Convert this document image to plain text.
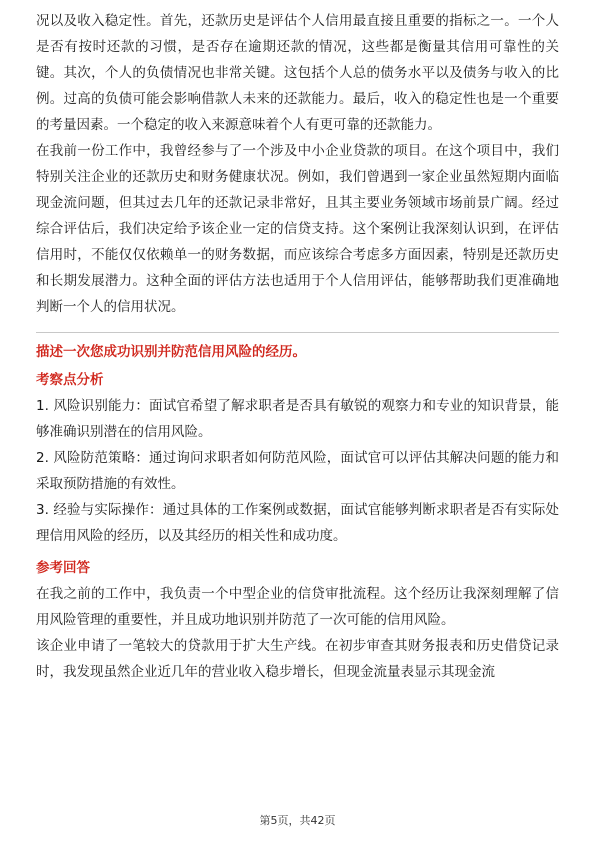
况以及收入稳定性。首先，还款历史是评估个人信用最直接且重要的指标之一。一个人是否有按时还款的习惯，是否存在逾期还款的情况，这些都是衡量其信用可靠性的关键。其次，个人的负债情况也非常关键。这包括个人总的债务水平以及债务与收入的比例。过高的负债可能会影响借款人未来的还款能力。最后，收入的稳定性也是一个重要的考量因素。一个稳定的收入来源意味着个人有更可靠的还款能力。

在我前一份工作中，我曾经参与了一个涉及中小企业贷款的项目。在这个项目中，我们特别关注企业的还款历史和财务健康状况。例如，我们曾遇到一家企业虽然短期内面临现金流问题，但其过去几年的还款记录非常好，且其主要业务领域市场前景广阔。经过综合评估后，我们决定给予该企业一定的信贷支持。这个案例让我深刻认识到，在评估信用时，不能仅仅依赖单一的财务数据，而应该综合考虑多方面因素，特别是还款历史和长期发展潜力。这种全面的评估方法也适用于个人信用评估，能够帮助我们更准确地判断一个人的信用状况。

描述一次您成功识别并防范信用风险的经历。
考察点分析

1. 风险识别能力：面试官希望了解求职者是否具有敏锐的观察力和专业的知识背景，能够准确识别潜在的信用风险。

2. 风险防范策略：通过询问求职者如何防范风险，面试官可以评估其解决问题的能力和采取预防措施的有效性。

3. 经验与实际操作：通过具体的工作案例或数据，面试官能够判断求职者是否有实际处理信用风险的经历，以及其经历的相关性和成功度。

参考回答

在我之前的工作中，我负责一个中型企业的信贷审批流程。这个经历让我深刻理解了信用风险管理的重要性，并且成功地识别并防范了一次可能的信用风险。

该企业申请了一笔较大的贷款用于扩大生产线。在初步审查其财务报表和历史借贷记录时，我发现虽然企业近几年的营业收入稳步增长，但现金流量表显示其现金流

第5页，共42页
